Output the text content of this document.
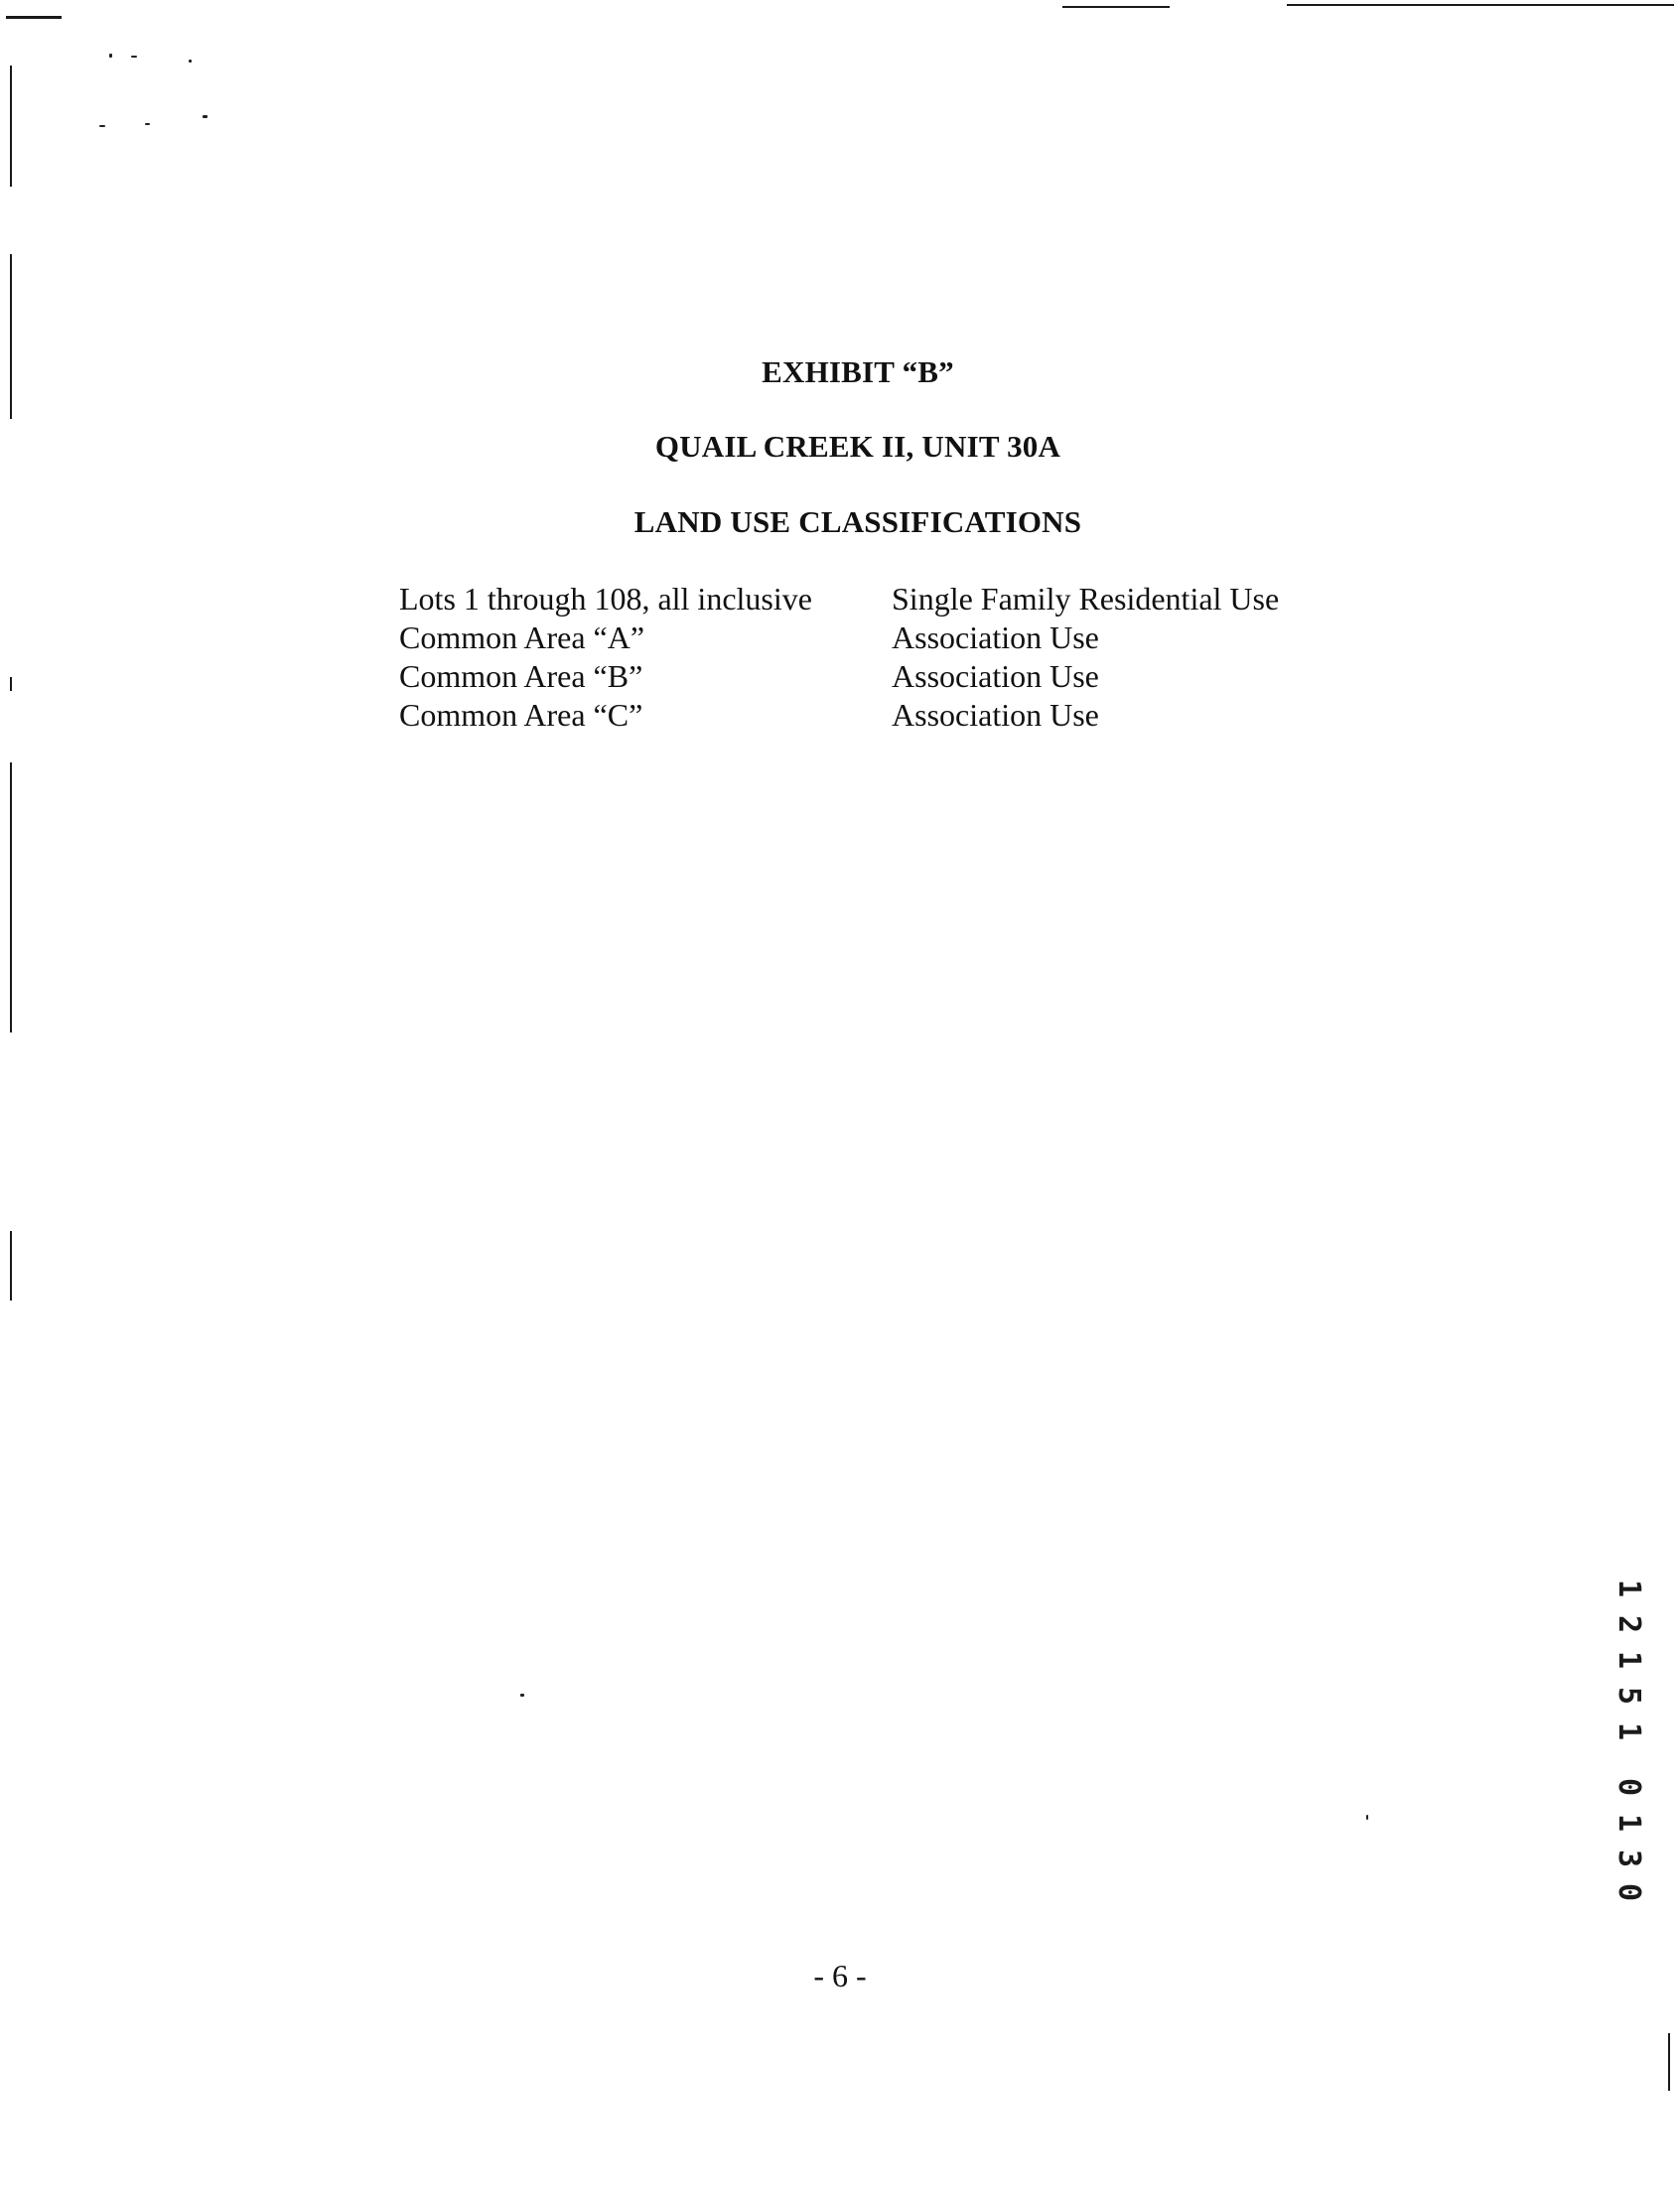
EXHIBIT “B”
QUAIL CREEK II, UNIT 30A
LAND USE CLASSIFICATIONS
Lots 1 through 108, all inclusive	Single Family Residential Use
Common Area “A”	Association Use
Common Area “B”	Association Use
Common Area “C”	Association Use
1
2
1
5
1
0
1
3
0
- 6 -
